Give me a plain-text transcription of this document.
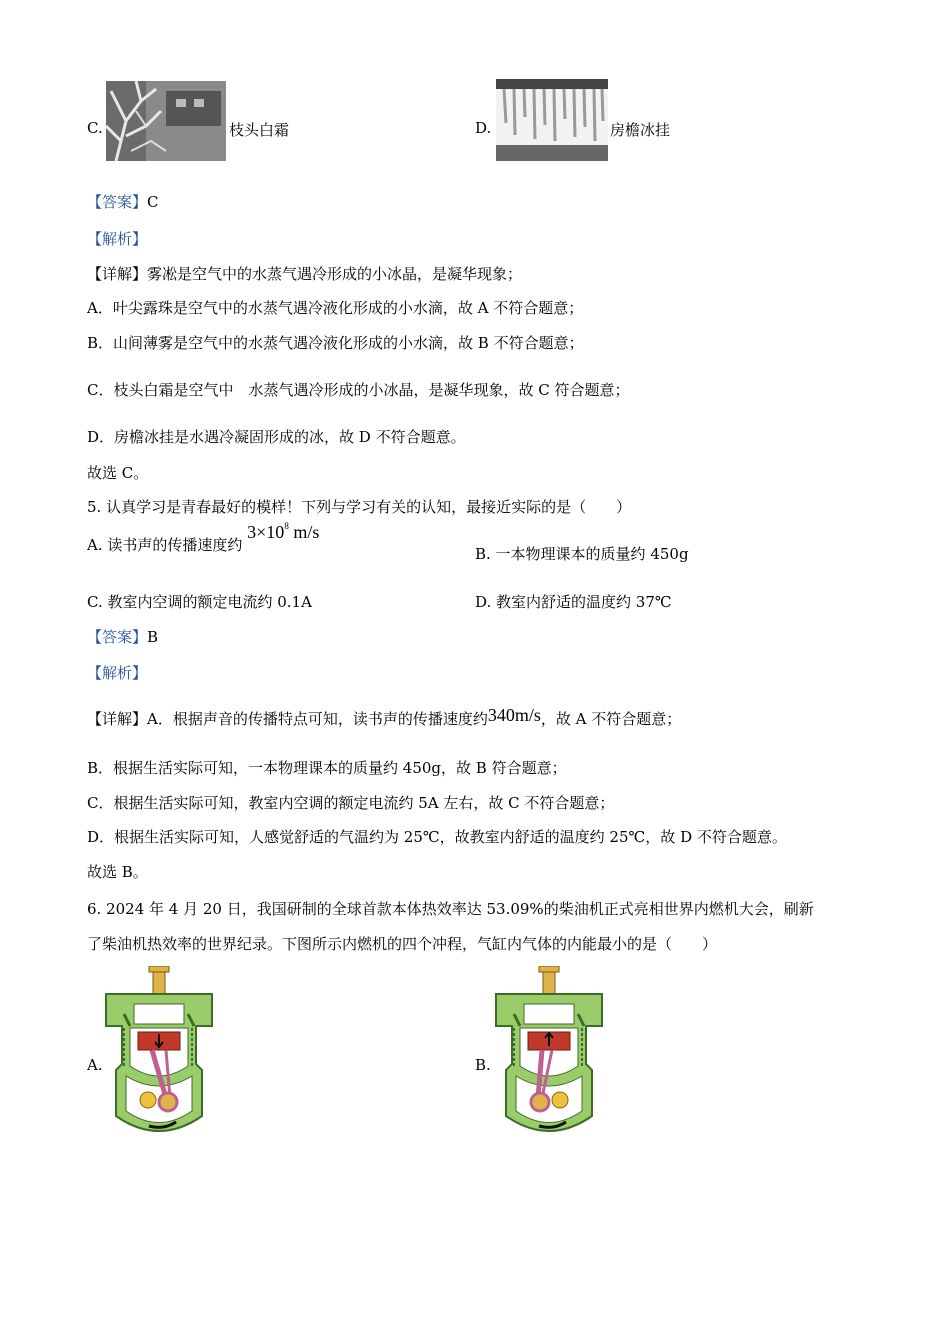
C.	枝头白霜	D.	房檐冰挂
【答案】C
【解析】
【详解】雾凇是空气中的水蒸气遇冷形成的小冰晶，是凝华现象；
A．叶尖露珠是空气中的水蒸气遇冷液化形成的小水滴，故 A 不符合题意；
B．山间薄雾是空气中的水蒸气遇冷液化形成的小水滴，故 B 不符合题意；
C．枝头白霜是空气中　水蒸气遇冷形成的小冰晶，是凝华现象，故 C 符合题意；
D．房檐冰挂是水遇冷凝固形成的冰，故 D 不符合题意。
故选 C。
5. 认真学习是青春最好的模样！下列与学习有关的认知，最接近实际的是（　　）
A. 读书声的传播速度约 $3\times 10^8$ m/s
B. 一本物理课本的质量约 450g
C. 教室内空调的额定电流约 0.1A	D. 教室内舒适的温度约 37℃
【答案】B
【解析】
【详解】A．根据声音的传播特点可知，读书声的传播速度约340m/s，故 A 不符合题意；
B．根据生活实际可知，一本物理课本的质量约 450g，故 B 符合题意；
C．根据生活实际可知，教室内空调的额定电流约 5A 左右，故 C 不符合题意；
D．根据生活实际可知，人感觉舒适的气温约为 25℃，故教室内舒适的温度约 25℃，故 D 不符合题意。
故选 B。
6. 2024 年 4 月 20 日，我国研制的全球首款本体热效率达 53.09%的柴油机正式亮相世界内燃机大会，刷新
了柴油机热效率的世界纪录。下图所示内燃机的四个冲程，气缸内气体的内能最小的是（　　）
A.	B.
